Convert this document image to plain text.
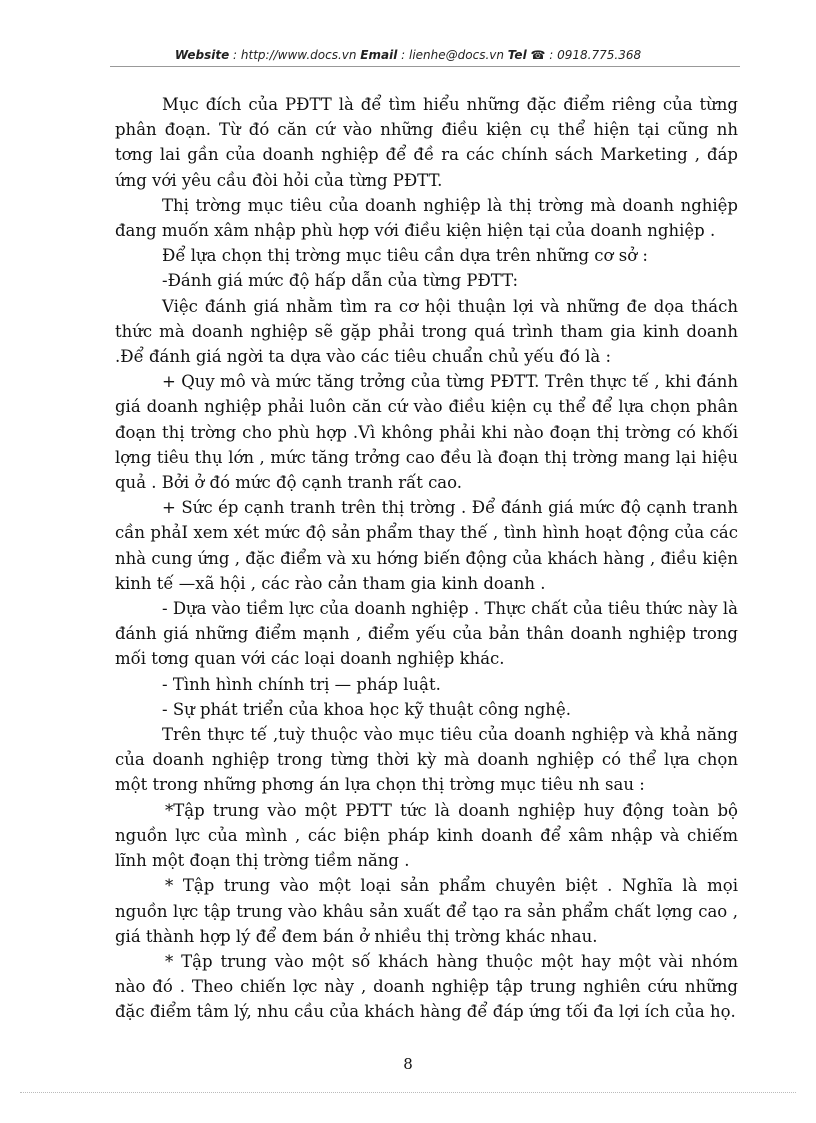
Website : http://www.docs.vn Email : lienhe@docs.vn Tel ☎ : 0918.775.368

Mục đích của PĐTT là để tìm hiểu những đặc điểm riêng của từng phân đoạn. Từ đó căn cứ vào những điều kiện cụ thể hiện tại cũng nh tơng lai gần của doanh nghiệp để đề ra các chính sách Marketing , đáp ứng với yêu cầu đòi hỏi của từng PĐTT.

Thị trờng mục tiêu của doanh nghiệp là thị trờng mà doanh nghiệp đang muốn xâm nhập phù hợp với điều kiện hiện tại của doanh nghiệp .

Để lựa chọn thị trờng mục tiêu cần dựa trên những cơ sở :

-Đánh giá mức độ hấp dẫn của từng PĐTT:

Việc đánh giá nhằm tìm ra cơ hội thuận lợi và những đe dọa thách thức mà doanh nghiệp sẽ gặp phải trong quá trình tham gia kinh doanh .Để đánh giá ngời ta dựa vào các tiêu chuẩn chủ yếu đó là :

+ Quy mô và mức tăng trởng của từng PĐTT. Trên thực tế , khi đánh giá doanh nghiệp phải luôn căn cứ vào điều kiện cụ thể để lựa chọn phân đoạn thị trờng cho phù hợp .Vì không phải khi nào đoạn thị trờng có khối lợng tiêu thụ lớn , mức tăng trởng cao đều là đoạn thị trờng mang lại hiệu quả . Bởi ở đó mức độ cạnh tranh rất cao.

+ Sức ép cạnh tranh trên thị trờng . Để đánh giá mức độ cạnh tranh cần phảI xem xét mức độ sản phẩm thay thế , tình hình hoạt động của các nhà cung ứng , đặc điểm và xu hớng biến động của khách hàng , điều kiện kinh tế —xã hội , các rào cản tham gia kinh doanh .

- Dựa vào tiềm lực của doanh nghiệp . Thực chất của tiêu thức này là đánh giá những điểm mạnh , điểm yếu của bản thân doanh nghiệp trong mối tơng quan với các loại doanh nghiệp khác.

- Tình hình chính trị — pháp luật.

- Sự phát triển của khoa học kỹ thuật công nghệ.

Trên thực tế ,tuỳ thuộc vào mục tiêu của doanh nghiệp và khả năng của doanh nghiệp trong từng thời kỳ mà doanh nghiệp có thể lựa chọn một trong những phơng án lựa chọn thị trờng mục tiêu nh sau :

*Tập trung vào một PĐTT tức là doanh nghiệp huy động toàn bộ nguồn lực của mình , các biện pháp kinh doanh để xâm nhập và chiếm lĩnh một đoạn thị trờng tiềm năng .

* Tập trung vào một loại sản phẩm chuyên biệt . Nghĩa là mọi nguồn lực tập trung vào khâu sản xuất để tạo ra sản phẩm chất lợng cao , giá thành hợp lý để đem bán ở nhiều thị trờng khác nhau.

* Tập trung vào một số khách hàng thuộc một hay một vài nhóm nào đó . Theo chiến lợc này , doanh nghiệp tập trung nghiên cứu những đặc điểm tâm lý, nhu cầu của khách hàng để đáp ứng tối đa lợi ích của họ.

8
